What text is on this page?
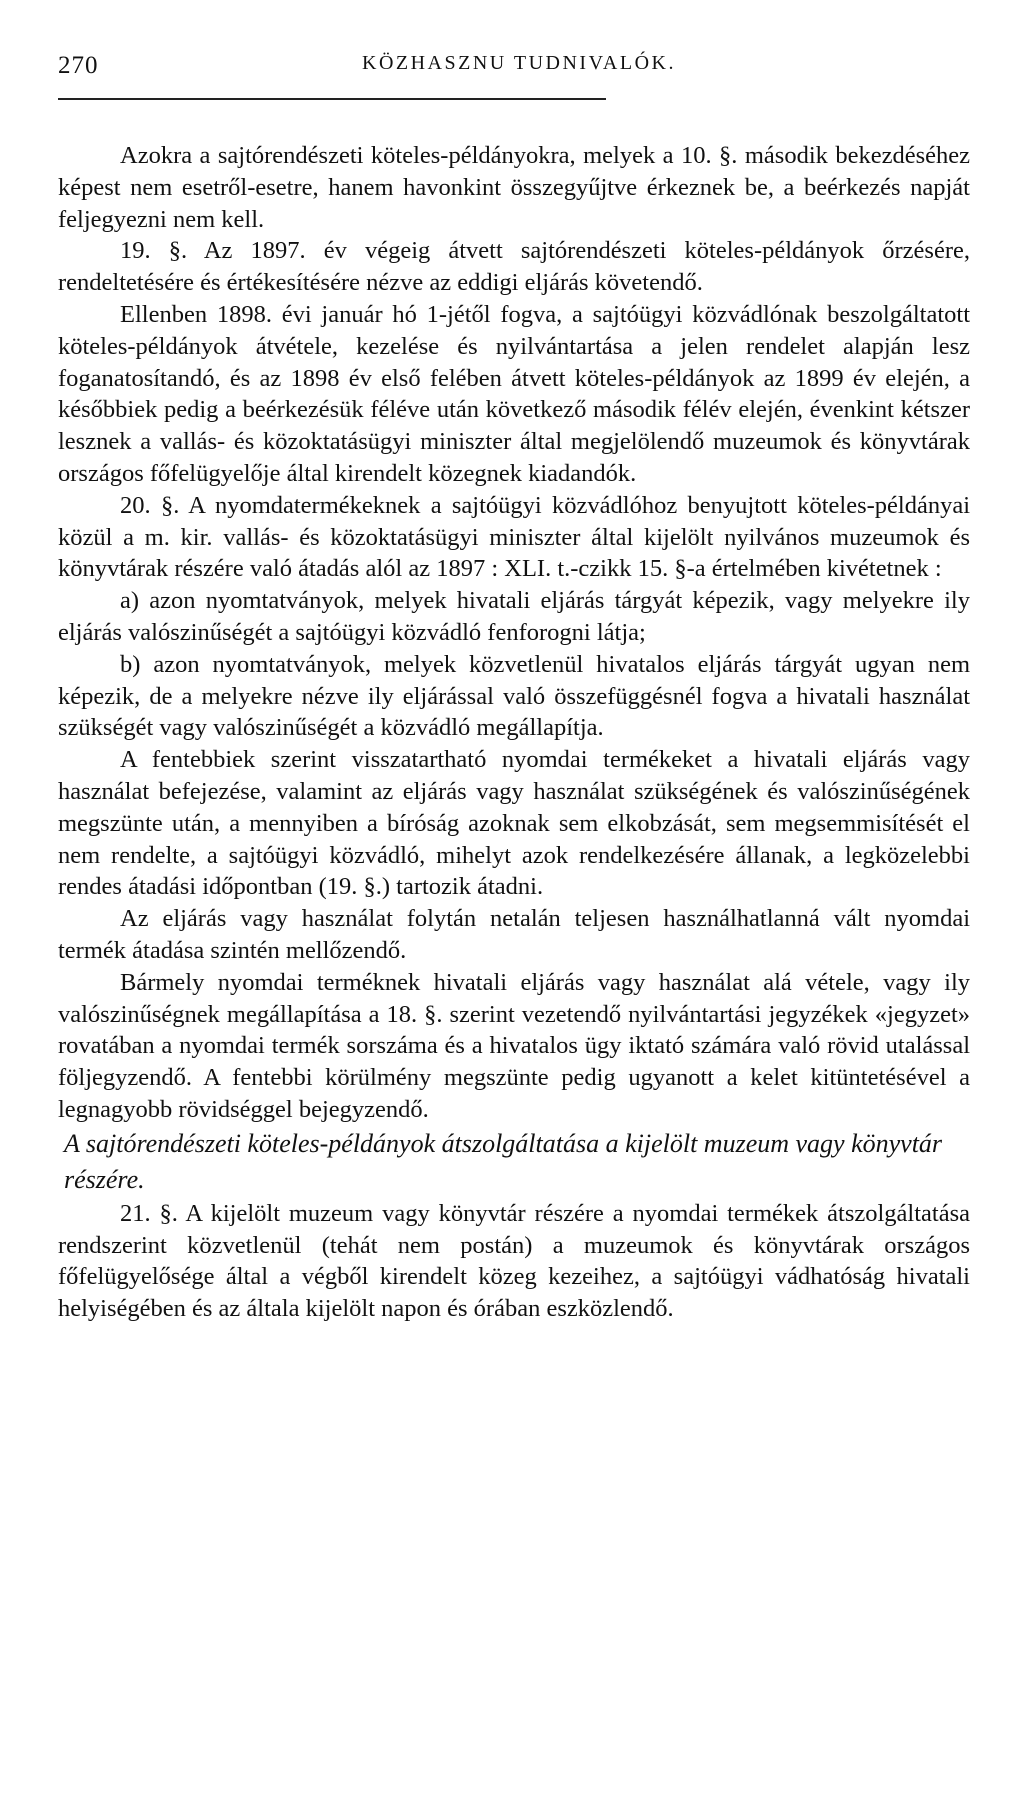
270	KÖZHASZNU TUDNIVALÓK.

Azokra a sajtórendészeti köteles-példányokra, melyek a 10. §. második bekezdéséhez képest nem esetről-esetre, hanem havonkint összegyűjtve érkeznek be, a beérkezés napját feljegyezni nem kell.

19. §. Az 1897. év végeig átvett sajtórendészeti köteles-példányok őrzésére, rendeltetésére és értékesítésére nézve az eddigi eljárás követendő.

Ellenben 1898. évi január hó 1-jétől fogva, a sajtóügyi közvádlónak beszolgáltatott köteles-példányok átvétele, kezelése és nyilvántartása a jelen rendelet alapján lesz foganatosítandó, és az 1898 év első felében átvett köteles-példányok az 1899 év elején, a későbbiek pedig a beérkezésük féléve után következő második félév elején, évenkint kétszer lesznek a vallás- és közoktatásügyi miniszter által megjelölendő muzeumok és könyvtárak országos főfelügyelője által kirendelt közegnek kiadandók.

20. §. A nyomdatermékeknek a sajtóügyi közvádlóhoz benyujtott köteles-példányai közül a m. kir. vallás- és közoktatásügyi miniszter által kijelölt nyilvános muzeumok és könyvtárak részére való átadás alól az 1897 : XLI. t.-czikk 15. §-a értelmében kivétetnek :

a) azon nyomtatványok, melyek hivatali eljárás tárgyát képezik, vagy melyekre ily eljárás valószinűségét a sajtóügyi közvádló fenforogni látja;

b) azon nyomtatványok, melyek közvetlenül hivatalos eljárás tárgyát ugyan nem képezik, de a melyekre nézve ily eljárással való összefüggésnél fogva a hivatali használat szükségét vagy valószinűségét a közvádló megállapítja.

A fentebbiek szerint visszatartható nyomdai termékeket a hivatali eljárás vagy használat befejezése, valamint az eljárás vagy használat szükségének és valószinűségének megszünte után, a mennyiben a bíróság azoknak sem elkobzását, sem megsemmisítését el nem rendelte, a sajtóügyi közvádló, mihelyt azok rendelkezésére állanak, a legközelebbi rendes átadási időpontban (19. §.) tartozik átadni.

Az eljárás vagy használat folytán netalán teljesen használhatlanná vált nyomdai termék átadása szintén mellőzendő.

Bármely nyomdai terméknek hivatali eljárás vagy használat alá vétele, vagy ily valószinűségnek megállapítása a 18. §. szerint vezetendő nyilvántartási jegyzékek «jegyzet» rovatában a nyomdai termék sorszáma és a hivatalos ügy iktató számára való rövid utalással följegyzendő. A fentebbi körülmény megszünte pedig ugyanott a kelet kitüntetésével a legnagyobb rövidséggel bejegyzendő.

A sajtórendészeti köteles-példányok átszolgáltatása a kijelölt muzeum vagy könyvtár részére.

21. §. A kijelölt muzeum vagy könyvtár részére a nyomdai termékek átszolgáltatása rendszerint közvetlenül (tehát nem postán) a muzeumok és könyvtárak országos főfelügyelősége által a végből kirendelt közeg kezeihez, a sajtóügyi vádhatóság hivatali helyiségében és az általa kijelölt napon és órában eszközlendő.
